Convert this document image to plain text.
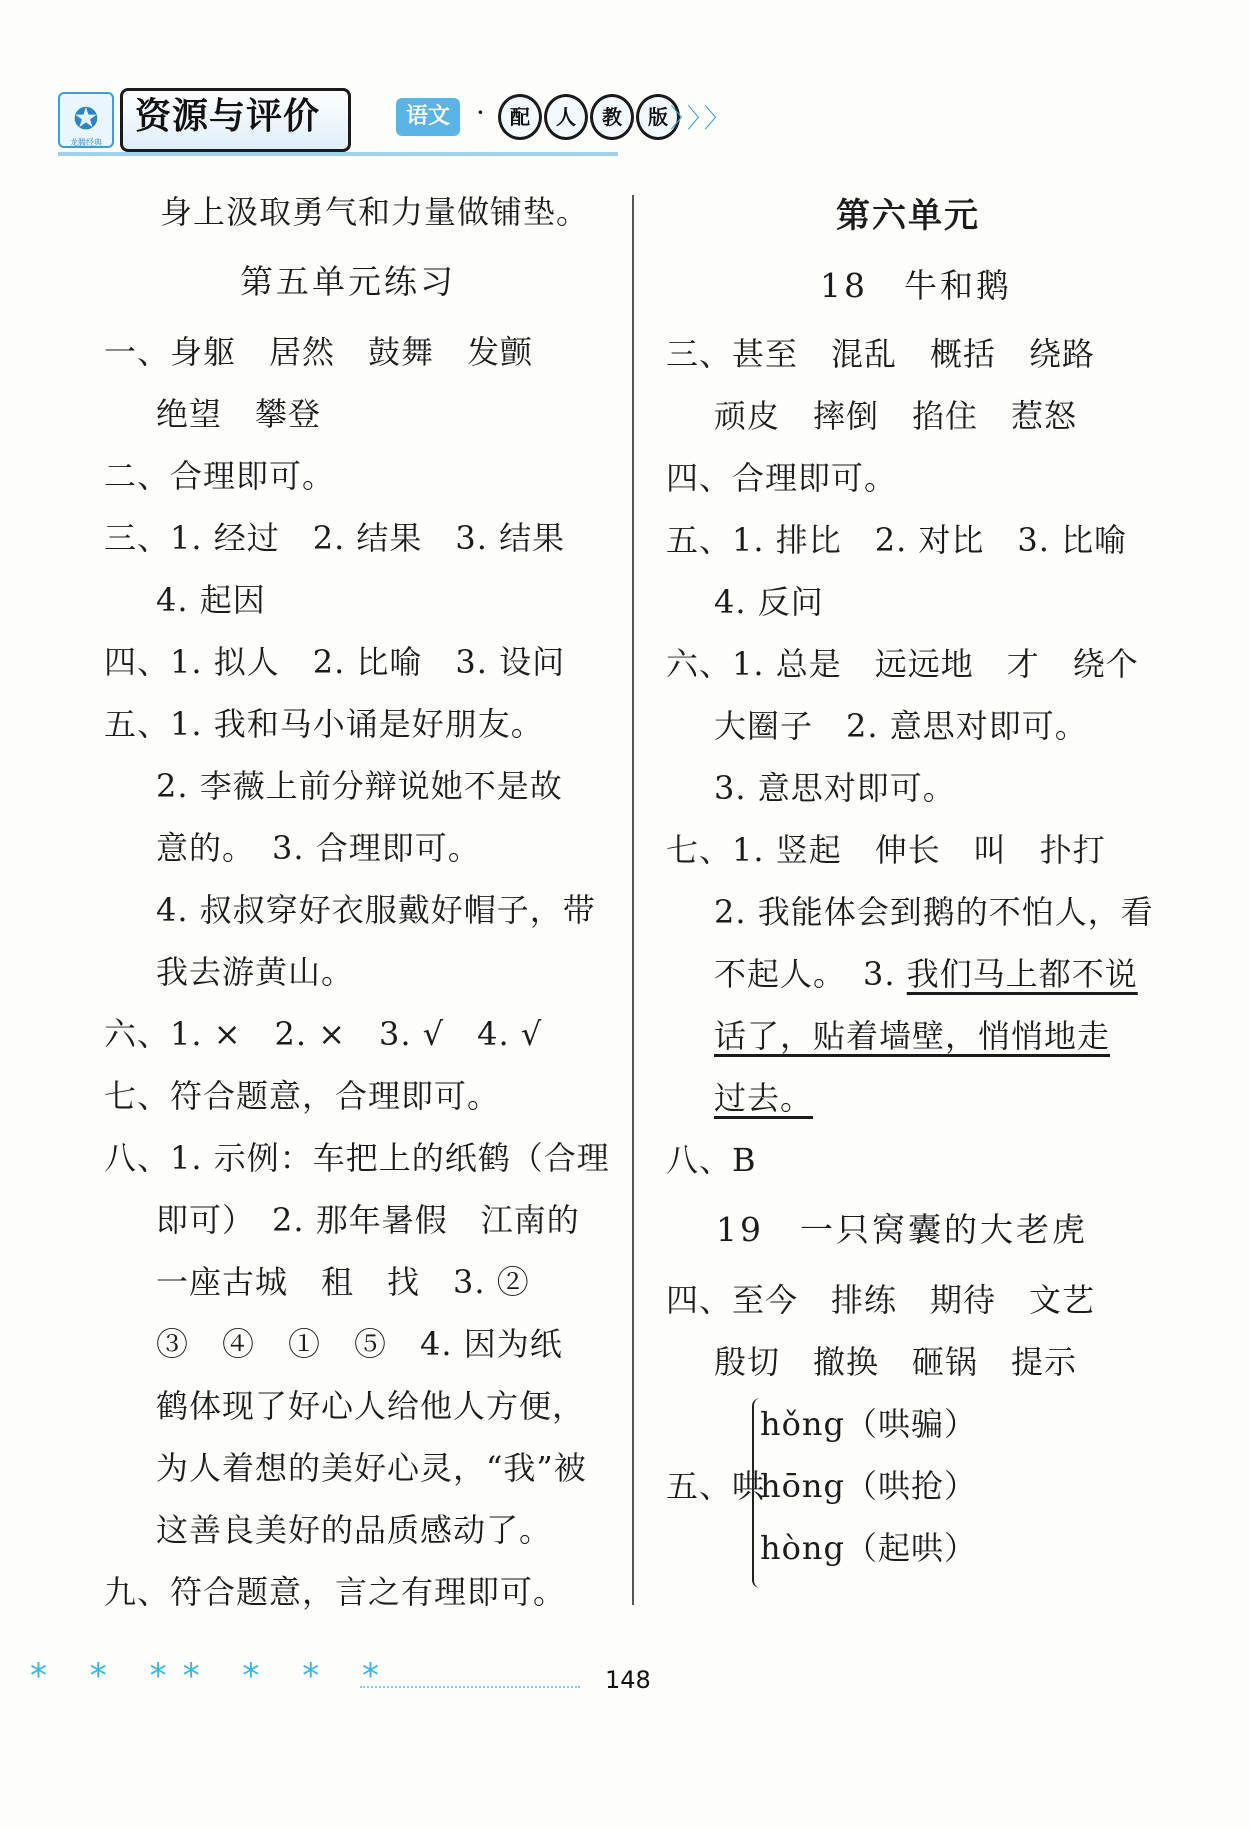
✪
龙腾经典
资源与评价	语文 ·	配	人	教	版 〉〉〉
身上汲取勇气和力量做铺垫。
第五单元练习
一、身躯　居然　鼓舞　发颤
绝望　攀登
二、合理即可。
三、1. 经过　2. 结果　3. 结果
4. 起因
四、1. 拟人　2. 比喻　3. 设问
五、1. 我和马小诵是好朋友。
2. 李薇上前分辩说她不是故
意的。　3. 合理即可。
4. 叔叔穿好衣服戴好帽子，带
我去游黄山。
六、1. ×　2. ×　3. √　4. √
七、符合题意，合理即可。
八、1. 示例：车把上的纸鹤（合理
即可）　2. 那年暑假　江南的
一座古城　租　找　3. ②
③　④　①　⑤　4. 因为纸
鹤体现了好心人给他人方便，
为人着想的美好心灵，“我”被
这善良美好的品质感动了。
九、符合题意，言之有理即可。
第六单元
18　牛和鹅
三、甚至　混乱　概括　绕路
顽皮　摔倒　掐住　惹怒
四、合理即可。
五、1. 排比　2. 对比　3. 比喻
4. 反问
六、1. 总是　远远地　才　绕个
大圈子　2. 意思对即可。
3. 意思对即可。
七、1. 竖起　伸长　叫　扑打
2. 我能体会到鹅的不怕人，看
不起人。　3. 我们马上都不说
话了，贴着墙壁，悄悄地走
过去。
八、B
19　一只窝囊的大老虎
四、至今　排练　期待　文艺
殷切　撤换　砸锅　提示
hǒng（哄骗）
五、哄
hōng（哄抢）
hòng（起哄）
* * ** * * *	148
